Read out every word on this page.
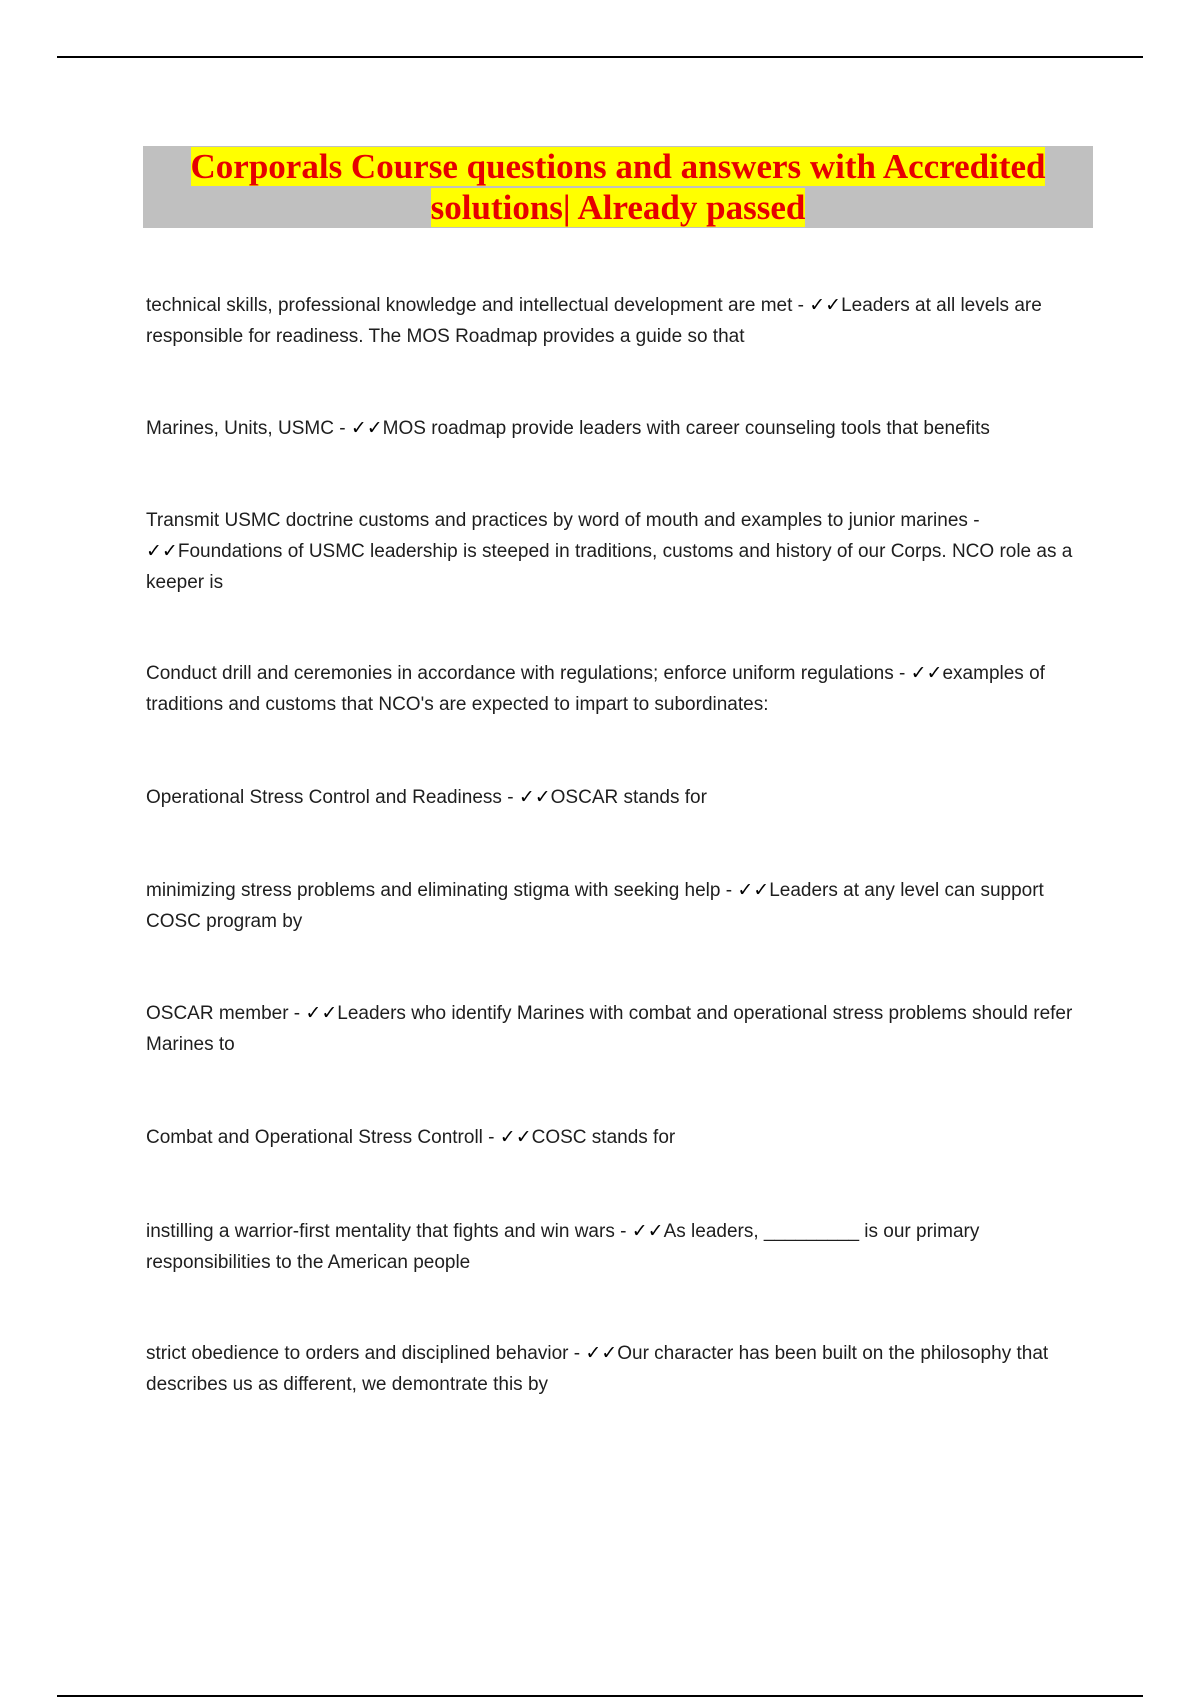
Corporals Course questions and answers with Accredited solutions| Already passed
technical skills, professional knowledge and intellectual development are met - ✓✓Leaders at all levels are responsible for readiness. The MOS Roadmap provides a guide so that
Marines, Units, USMC - ✓✓MOS roadmap provide leaders with career counseling tools that benefits
Transmit USMC doctrine customs and practices by word of mouth and examples to junior marines - ✓✓Foundations of USMC leadership is steeped in traditions, customs and history of our Corps. NCO role as a keeper is
Conduct drill and ceremonies in accordance with regulations; enforce uniform regulations - ✓✓examples of traditions and customs that NCO's are expected to impart to subordinates:
Operational Stress Control and Readiness - ✓✓OSCAR stands for
minimizing stress problems and eliminating stigma with seeking help - ✓✓Leaders at any level can support COSC program by
OSCAR member - ✓✓Leaders who identify Marines with combat and operational stress problems should refer Marines to
Combat and Operational Stress Controll - ✓✓COSC stands for
instilling a warrior-first mentality that fights and win wars - ✓✓As leaders, _________ is our primary responsibilities to the American people
strict obedience to orders and disciplined behavior - ✓✓Our character has been built on the philosophy that describes us as different, we demontrate this by
